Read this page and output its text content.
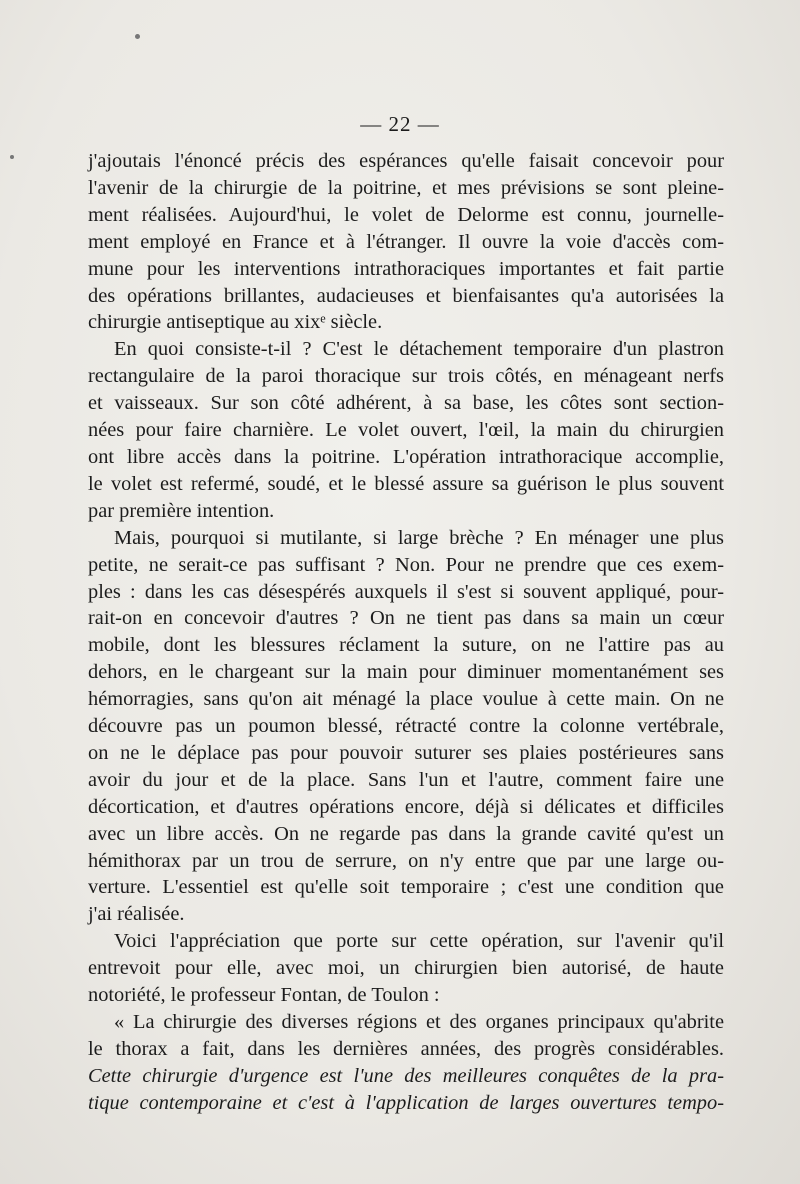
— 22 —

j'ajoutais l'énoncé précis des espérances qu'elle faisait concevoir pour
l'avenir de la chirurgie de la poitrine, et mes prévisions se sont pleine-
ment réalisées. Aujourd'hui, le volet de Delorme est connu, journelle-
ment employé en France et à l'étranger. Il ouvre la voie d'accès com-
mune pour les interventions intrathoraciques importantes et fait partie
des opérations brillantes, audacieuses et bienfaisantes qu'a autorisées la
chirurgie antiseptique au xixᵉ siècle.

En quoi consiste-t-il ? C'est le détachement temporaire d'un plastron
rectangulaire de la paroi thoracique sur trois côtés, en ménageant nerfs
et vaisseaux. Sur son côté adhérent, à sa base, les côtes sont section-
nées pour faire charnière. Le volet ouvert, l'œil, la main du chirurgien
ont libre accès dans la poitrine. L'opération intrathoracique accomplie,
le volet est refermé, soudé, et le blessé assure sa guérison le plus souvent
par première intention.

Mais, pourquoi si mutilante, si large brèche ? En ménager une plus
petite, ne serait-ce pas suffisant ? Non. Pour ne prendre que ces exem-
ples : dans les cas désespérés auxquels il s'est si souvent appliqué, pour-
rait-on en concevoir d'autres ? On ne tient pas dans sa main un cœur
mobile, dont les blessures réclament la suture, on ne l'attire pas au
dehors, en le chargeant sur la main pour diminuer momentanément ses
hémorragies, sans qu'on ait ménagé la place voulue à cette main. On ne
découvre pas un poumon blessé, rétracté contre la colonne vertébrale,
on ne le déplace pas pour pouvoir suturer ses plaies postérieures sans
avoir du jour et de la place. Sans l'un et l'autre, comment faire une
décortication, et d'autres opérations encore, déjà si délicates et difficiles
avec un libre accès. On ne regarde pas dans la grande cavité qu'est un
hémithorax par un trou de serrure, on n'y entre que par une large ou-
verture. L'essentiel est qu'elle soit temporaire ; c'est une condition que
j'ai réalisée.

Voici l'appréciation que porte sur cette opération, sur l'avenir qu'il
entrevoit pour elle, avec moi, un chirurgien bien autorisé, de haute
notoriété, le professeur Fontan, de Toulon :

« La chirurgie des diverses régions et des organes principaux qu'abrite
le thorax a fait, dans les dernières années, des progrès considérables.
Cette chirurgie d'urgence est l'une des meilleures conquêtes de la pra-
tique contemporaine et c'est à l'application de larges ouvertures tempo-
